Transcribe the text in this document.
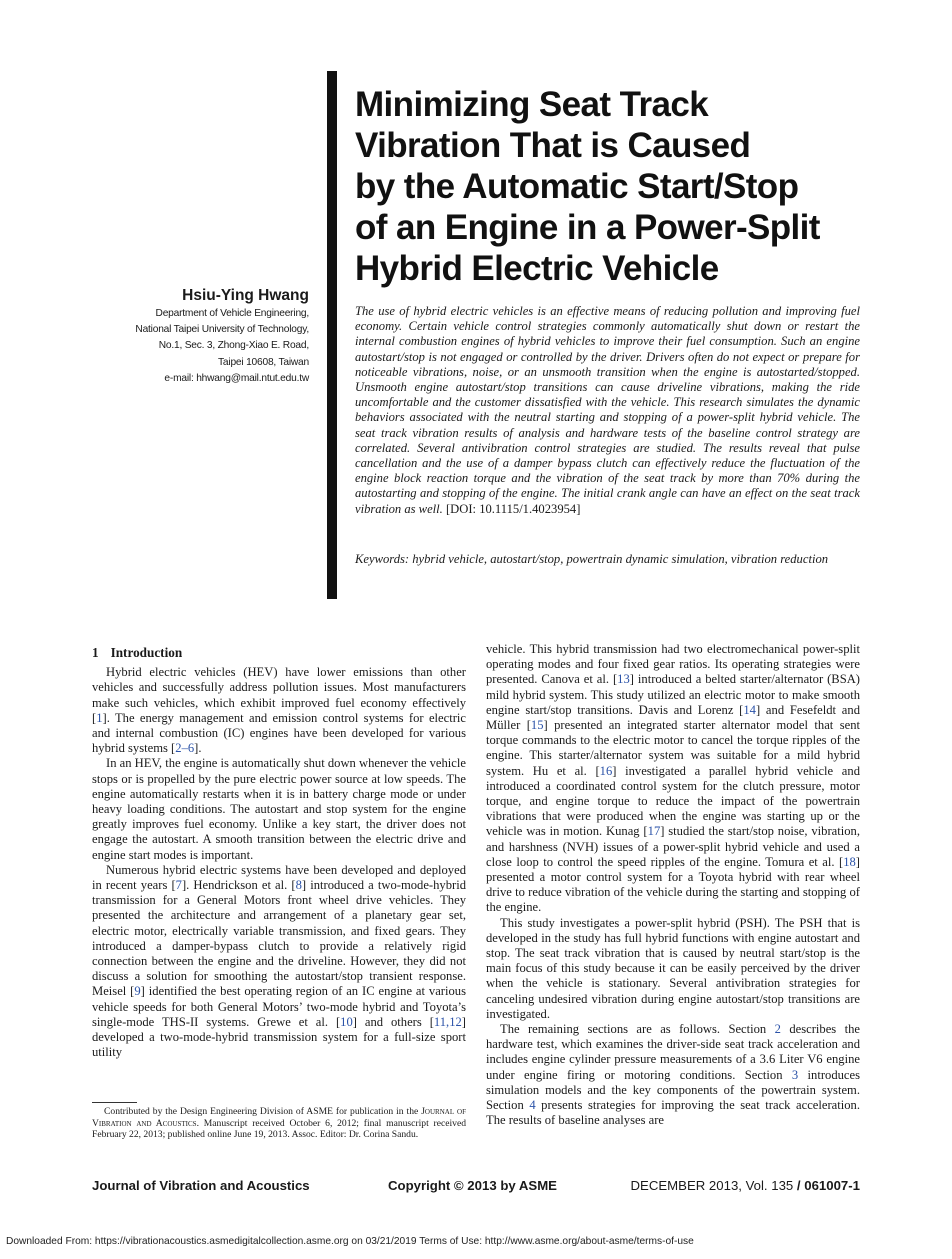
Minimizing Seat Track
Vibration That is Caused
by the Automatic Start/Stop
of an Engine in a Power-Split
Hybrid Electric Vehicle
Hsiu-Ying Hwang
Department of Vehicle Engineering,
National Taipei University of Technology,
No.1, Sec. 3, Zhong-Xiao E. Road,
Taipei 10608, Taiwan
e-mail: hhwang@mail.ntut.edu.tw
The use of hybrid electric vehicles is an effective means of reducing pollution and improving fuel economy. Certain vehicle control strategies commonly automatically shut down or restart the internal combustion engines of hybrid vehicles to improve their fuel consumption. Such an engine autostart/stop is not engaged or controlled by the driver. Drivers often do not expect or prepare for noticeable vibrations, noise, or an unsmooth transition when the engine is autostarted/stopped. Unsmooth engine autostart/stop transitions can cause driveline vibrations, making the ride uncomfortable and the customer dissatisfied with the vehicle. This research simulates the dynamic behaviors associated with the neutral starting and stopping of a power-split hybrid vehicle. The seat track vibration results of analysis and hardware tests of the baseline control strategy are correlated. Several antivibration control strategies are studied. The results reveal that pulse cancellation and the use of a damper bypass clutch can effectively reduce the fluctuation of the engine block reaction torque and the vibration of the seat track by more than 70% during the autostarting and stopping of the engine. The initial crank angle can have an effect on the seat track vibration as well. [DOI: 10.1115/1.4023954]
Keywords: hybrid vehicle, autostart/stop, powertrain dynamic simulation, vibration reduction
1 Introduction

Hybrid electric vehicles (HEV) have lower emissions than other vehicles and successfully address pollution issues. Most manufacturers make such vehicles, which exhibit improved fuel economy effectively [1]. The energy management and emission control systems for electric and internal combustion (IC) engines have been developed for various hybrid systems [2–6].

In an HEV, the engine is automatically shut down whenever the vehicle stops or is propelled by the pure electric power source at low speeds. The engine automatically restarts when it is in battery charge mode or under heavy loading conditions. The autostart and stop system for the engine greatly improves fuel economy. Unlike a key start, the driver does not engage the autostart. A smooth transition between the electric drive and engine start modes is important.

Numerous hybrid electric systems have been developed and deployed in recent years [7]. Hendrickson et al. [8] introduced a two-mode-hybrid transmission for a General Motors front wheel drive vehicles. They presented the architecture and arrangement of a planetary gear set, electric motor, electrically variable transmission, and fixed gears. They introduced a damper-bypass clutch to provide a relatively rigid connection between the engine and the driveline. However, they did not discuss a solution for smoothing the autostart/stop transient response. Meisel [9] identified the best operating region of an IC engine at various vehicle speeds for both General Motors’ two-mode hybrid and Toyota’s single-mode THS-II systems. Grewe et al. [10] and others [11,12] developed a two-mode-hybrid transmission system for a full-size sport utility

vehicle. This hybrid transmission had two electromechanical power-split operating modes and four fixed gear ratios. Its operating strategies were presented. Canova et al. [13] introduced a belted starter/alternator (BSA) mild hybrid system. This study utilized an electric motor to make smooth engine start/stop transitions. Davis and Lorenz [14] and Fesefeldt and Müller [15] presented an integrated starter alternator model that sent torque commands to the electric motor to cancel the torque ripples of the engine. This starter/alternator system was suitable for a mild hybrid system. Hu et al. [16] investigated a parallel hybrid vehicle and introduced a coordinated control system for the clutch pressure, motor torque, and engine torque to reduce the impact of the powertrain vibrations that were produced when the engine was starting up or the vehicle was in motion. Kunag [17] studied the start/stop noise, vibration, and harshness (NVH) issues of a power-split hybrid vehicle and used a close loop to control the speed ripples of the engine. Tomura et al. [18] presented a motor control system for a Toyota hybrid with rear wheel drive to reduce vibration of the vehicle during the starting and stopping of the engine.

This study investigates a power-split hybrid (PSH). The PSH that is developed in the study has full hybrid functions with engine autostart and stop. The seat track vibration that is caused by neutral start/stop is the main focus of this study because it can be easily perceived by the driver when the vehicle is stationary. Several antivibration strategies for canceling undesired vibration during engine autostart/stop transitions are investigated.

The remaining sections are as follows. Section 2 describes the hardware test, which examines the driver-side seat track acceleration and includes engine cylinder pressure measurements of a 3.6 Liter V6 engine under engine firing or motoring conditions. Section 3 introduces simulation models and the key components of the powertrain system. Section 4 presents strategies for improving the seat track acceleration. The results of baseline analyses are

Contributed by the Design Engineering Division of ASME for publication in the Journal of Vibration and Acoustics. Manuscript received October 6, 2012; final manuscript received February 22, 2013; published online June 19, 2013. Assoc. Editor: Dr. Corina Sandu.

Journal of Vibration and Acoustics	Copyright © 2013 by ASME	DECEMBER 2013, Vol. 135 / 061007-1
Downloaded From: https://vibrationacoustics.asmedigitalcollection.asme.org on 03/21/2019 Terms of Use: http://www.asme.org/about-asme/terms-of-use
